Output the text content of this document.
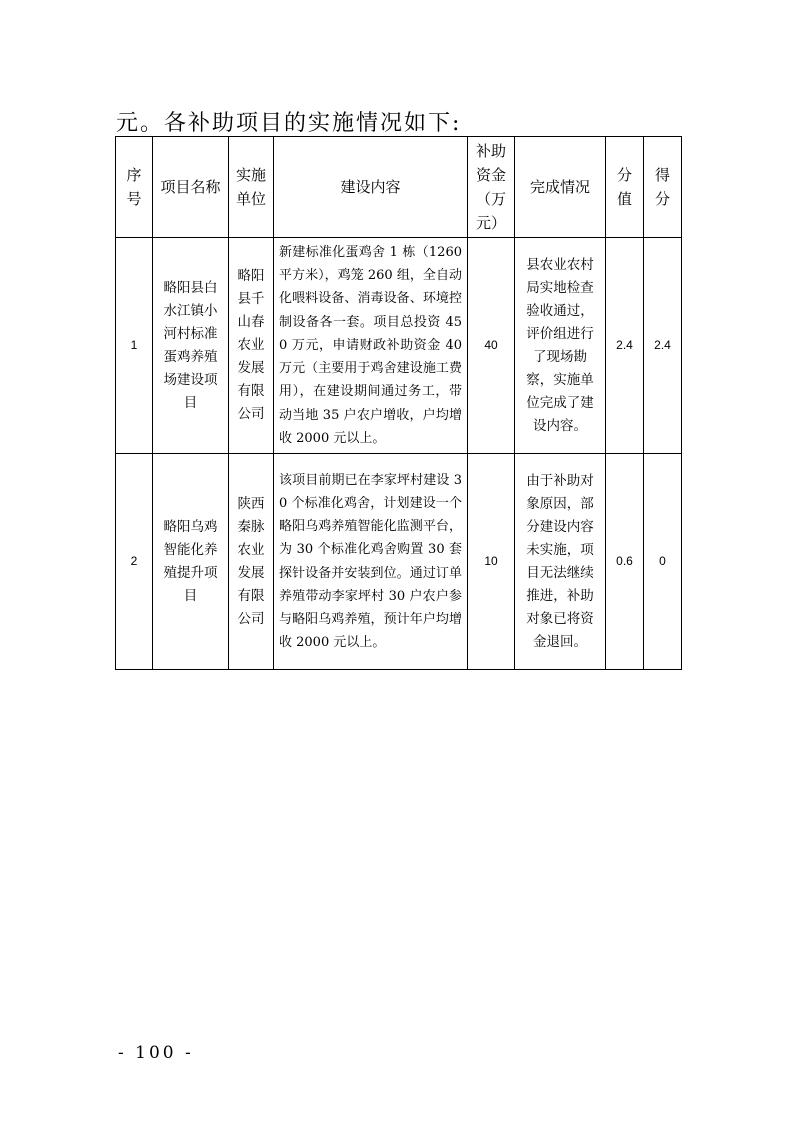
元。各补助项目的实施情况如下:
序号	项目名称	实施单位	建设内容	补助资金（万元）	完成情况	分值	得分
1	略阳县白水江镇小河村标准蛋鸡养殖场建设项目	略阳县千山春农业发展有限公司	新建标准化蛋鸡舍 1 栋（1260 平方米），鸡笼 260 组，全自动化喂料设备、消毒设备、环境控制设备各一套。项目总投资 450 万元，申请财政补助资金 40 万元（主要用于鸡舍建设施工费用），在建设期间通过务工，带动当地 35 户农户增收，户均增收 2000 元以上。	40	县农业农村局实地检查验收通过，评价组进行了现场勘察，实施单位完成了建设内容。	2.4	2.4
2	略阳乌鸡智能化养殖提升项目	陕西秦脉农业发展有限公司	该项目前期已在李家坪村建设 30 个标准化鸡舍，计划建设一个略阳乌鸡养殖智能化监测平台，为 30 个标准化鸡舍购置 30 套探针设备并安装到位。通过订单养殖带动李家坪村 30 户农户参与略阳乌鸡养殖，预计年户均增收 2000 元以上。	10	由于补助对象原因，部分建设内容未实施，项目无法继续推进，补助对象已将资金退回。	0.6	0
- 100 -
